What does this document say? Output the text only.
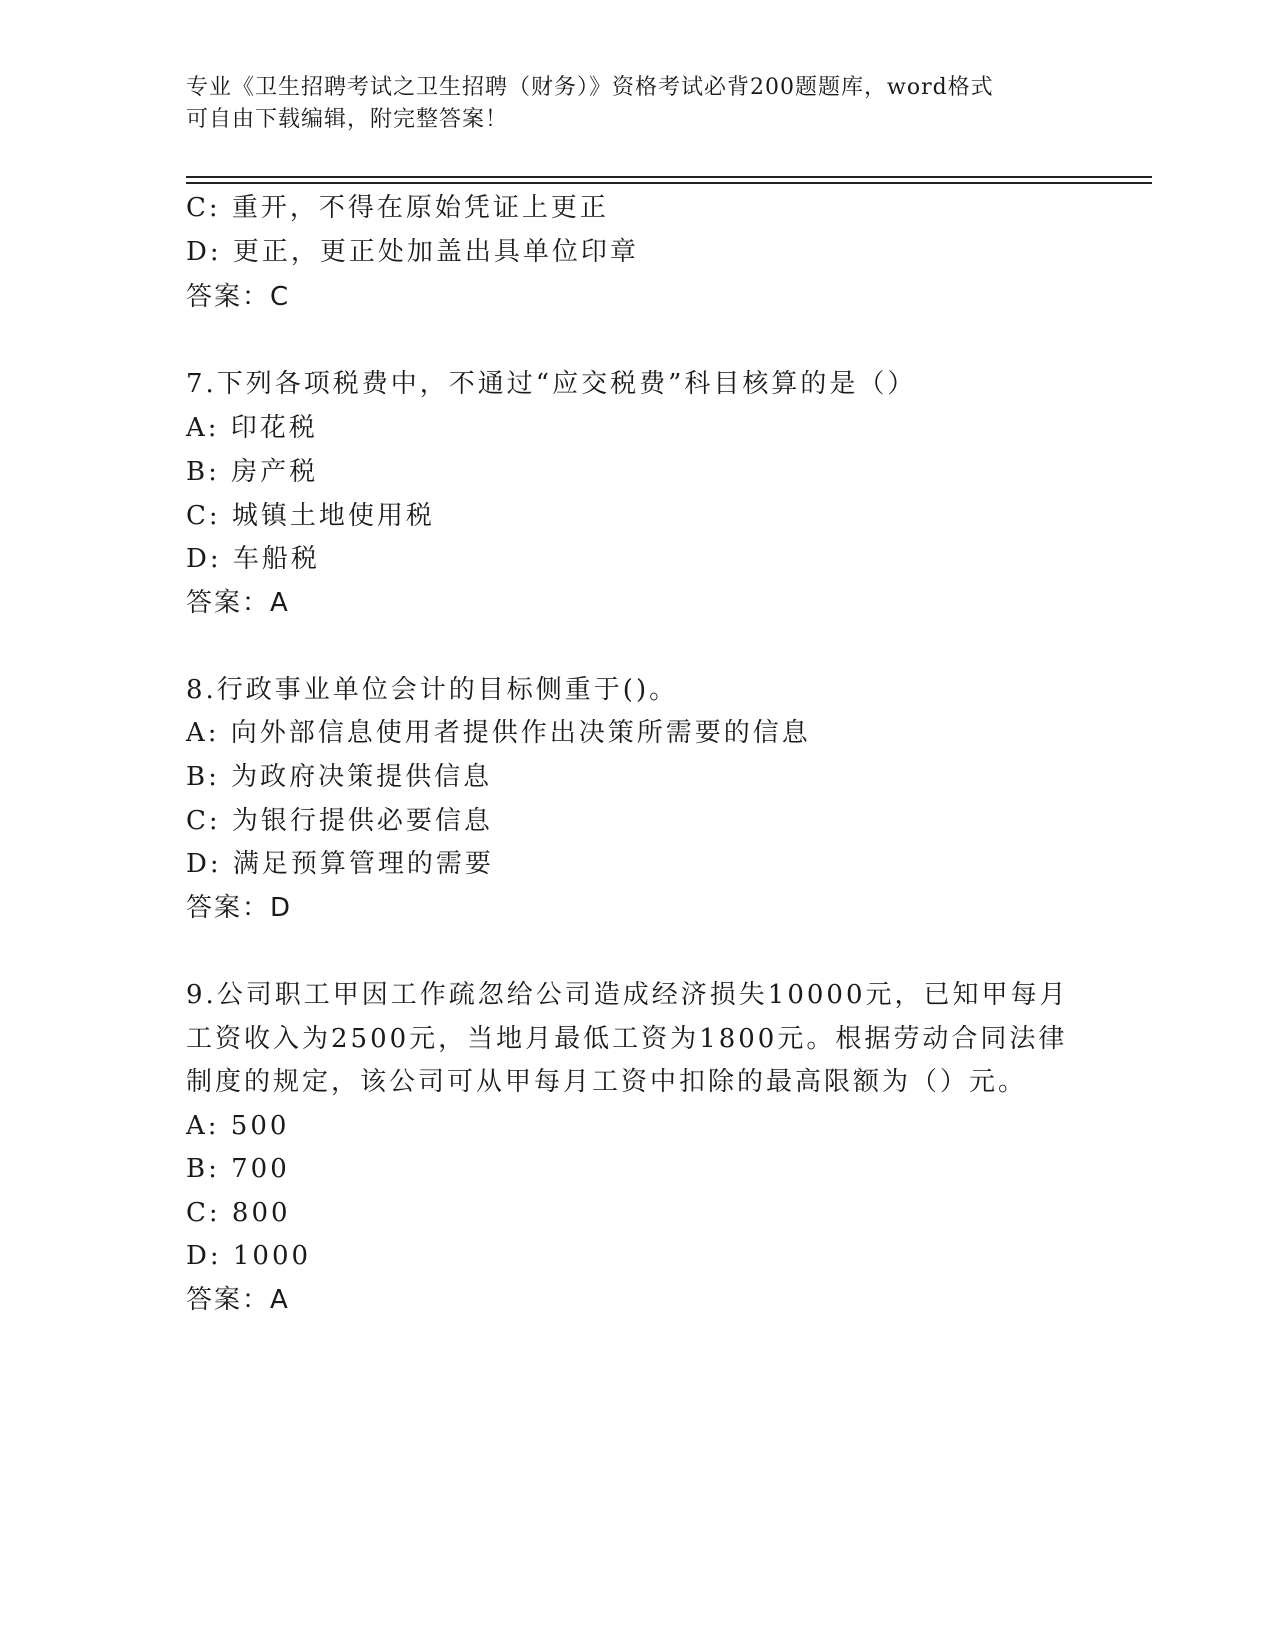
专业《卫生招聘考试之卫生招聘（财务）》资格考试必背200题题库，word格式
可自由下载编辑，附完整答案！
C: 重开，不得在原始凭证上更正
D: 更正，更正处加盖出具单位印章
答案：C
7.下列各项税费中，不通过“应交税费”科目核算的是（）
A: 印花税
B: 房产税
C: 城镇土地使用税
D: 车船税
答案：A
8.行政事业单位会计的目标侧重于()。
A: 向外部信息使用者提供作出决策所需要的信息
B: 为政府决策提供信息
C: 为银行提供必要信息
D: 满足预算管理的需要
答案：D
9.公司职工甲因工作疏忽给公司造成经济损失10000元，已知甲每月
工资收入为2500元，当地月最低工资为1800元。根据劳动合同法律
制度的规定，该公司可从甲每月工资中扣除的最高限额为（）元。
A: 500
B: 700
C: 800
D: 1000
答案：A
